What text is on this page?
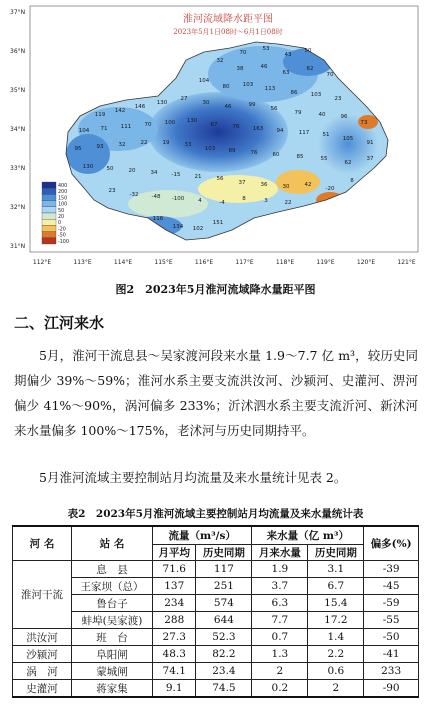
淮河流域降水距平图
2023年5月1日08时～6月1日08时
37°N
36°N
35°N
34°N
33°N
32°N
31°N
112°E	113°E	114°E	115°E	116°E	117°E	118°E	119°E	120°E	121°E
70
53
43
50
32
38	46
63
62
70
104
80 103
113
86 103
23
27
30
46	99
56
79	40	96
73
119
142
146
130
104 71 111 70 100 130
67	76 163 94	117 51
105
91
95	93	32	22	19	33
103 89	76	60	85	55
62
37
130 50	20	34	-15	21	56
37	36	30	42
-20
8
23
-32 -48 -100	4	-4
8	3	22
116
134 102
151
400
200
150
100
50
20
0
-20
-50
-100
图2　2023年5月淮河流域降水量距平图
二、江河来水
5月，淮河干流息县～吴家渡河段来水量 1.9～7.7 亿 m³，较历史同期偏少 39%～59%；淮河水系主要支流洪汝河、沙颍河、史灌河、淠河偏少 41%～90%，涡河偏多 233%；沂沭泗水系主要支流沂河、新沭河来水量偏多 100%～175%，老沭河与历史同期持平。
5月淮河流域主要控制站月均流量及来水量统计见表 2。
表2　2023年5月淮河流域主要控制站月均流量及来水量统计表
河 名	站 名	流量（m³/s）		来水量（亿 m³）		偏多(%)
		月平均	历史同期	月来水量	历史同期	
淮河干流	息　县	71.6	117	1.9	3.1	-39
	王家坝（总）	137	251	3.7	6.7	-45
	鲁台子	234	574	6.3	15.4	-59
	蚌埠(吴家渡)	288	644	7.7	17.2	-55
洪汝河	班　台	27.3	52.3	0.7	1.4	-50
沙颍河	阜阳闸	48.3	82.2	1.3	2.2	-41
涡　河	蒙城闸	74.1	23.4	2	0.6	233
史灌河	蒋家集	9.1	74.5	0.2	2	-90
